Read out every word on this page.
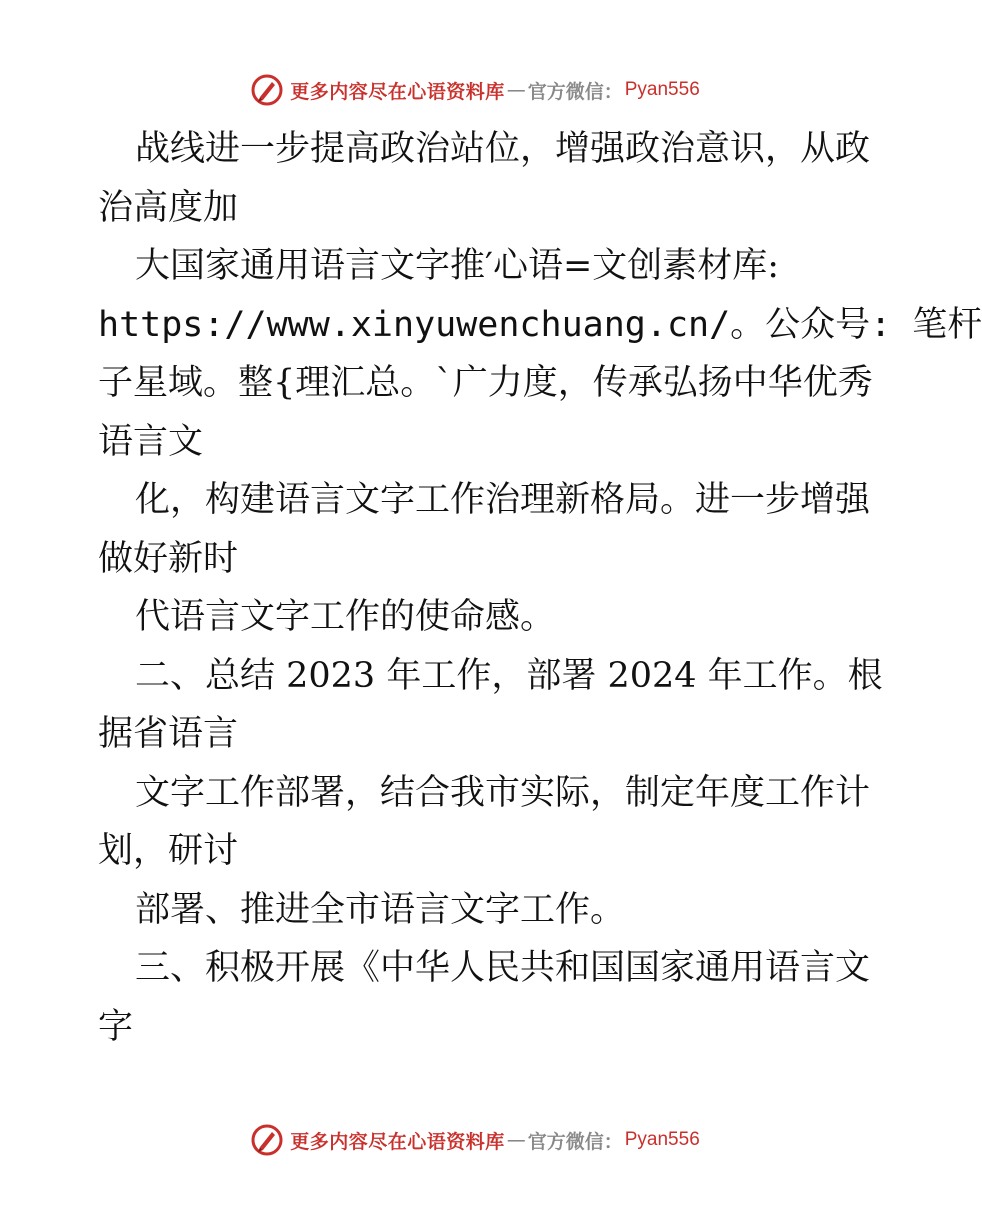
更多内容尽在心语资料库 — 官方微信： Pyan556
战线进一步提高政治站位，增强政治意识，从政
治高度加
大国家通用语言文字推′心语=文创素材库:
https://www.xinyuwenchuang.cn/。公众号: 笔杆
子星域。整{理汇总。`广力度，传承弘扬中华优秀
语言文
化，构建语言文字工作治理新格局。进一步增强
做好新时
代语言文字工作的使命感。
二、总结 2023 年工作，部署 2024 年工作。根
据省语言
文字工作部署，结合我市实际，制定年度工作计
划，研讨
部署、推进全市语言文字工作。
三、积极开展《中华人民共和国国家通用语言文
字
更多内容尽在心语资料库 — 官方微信： Pyan556
